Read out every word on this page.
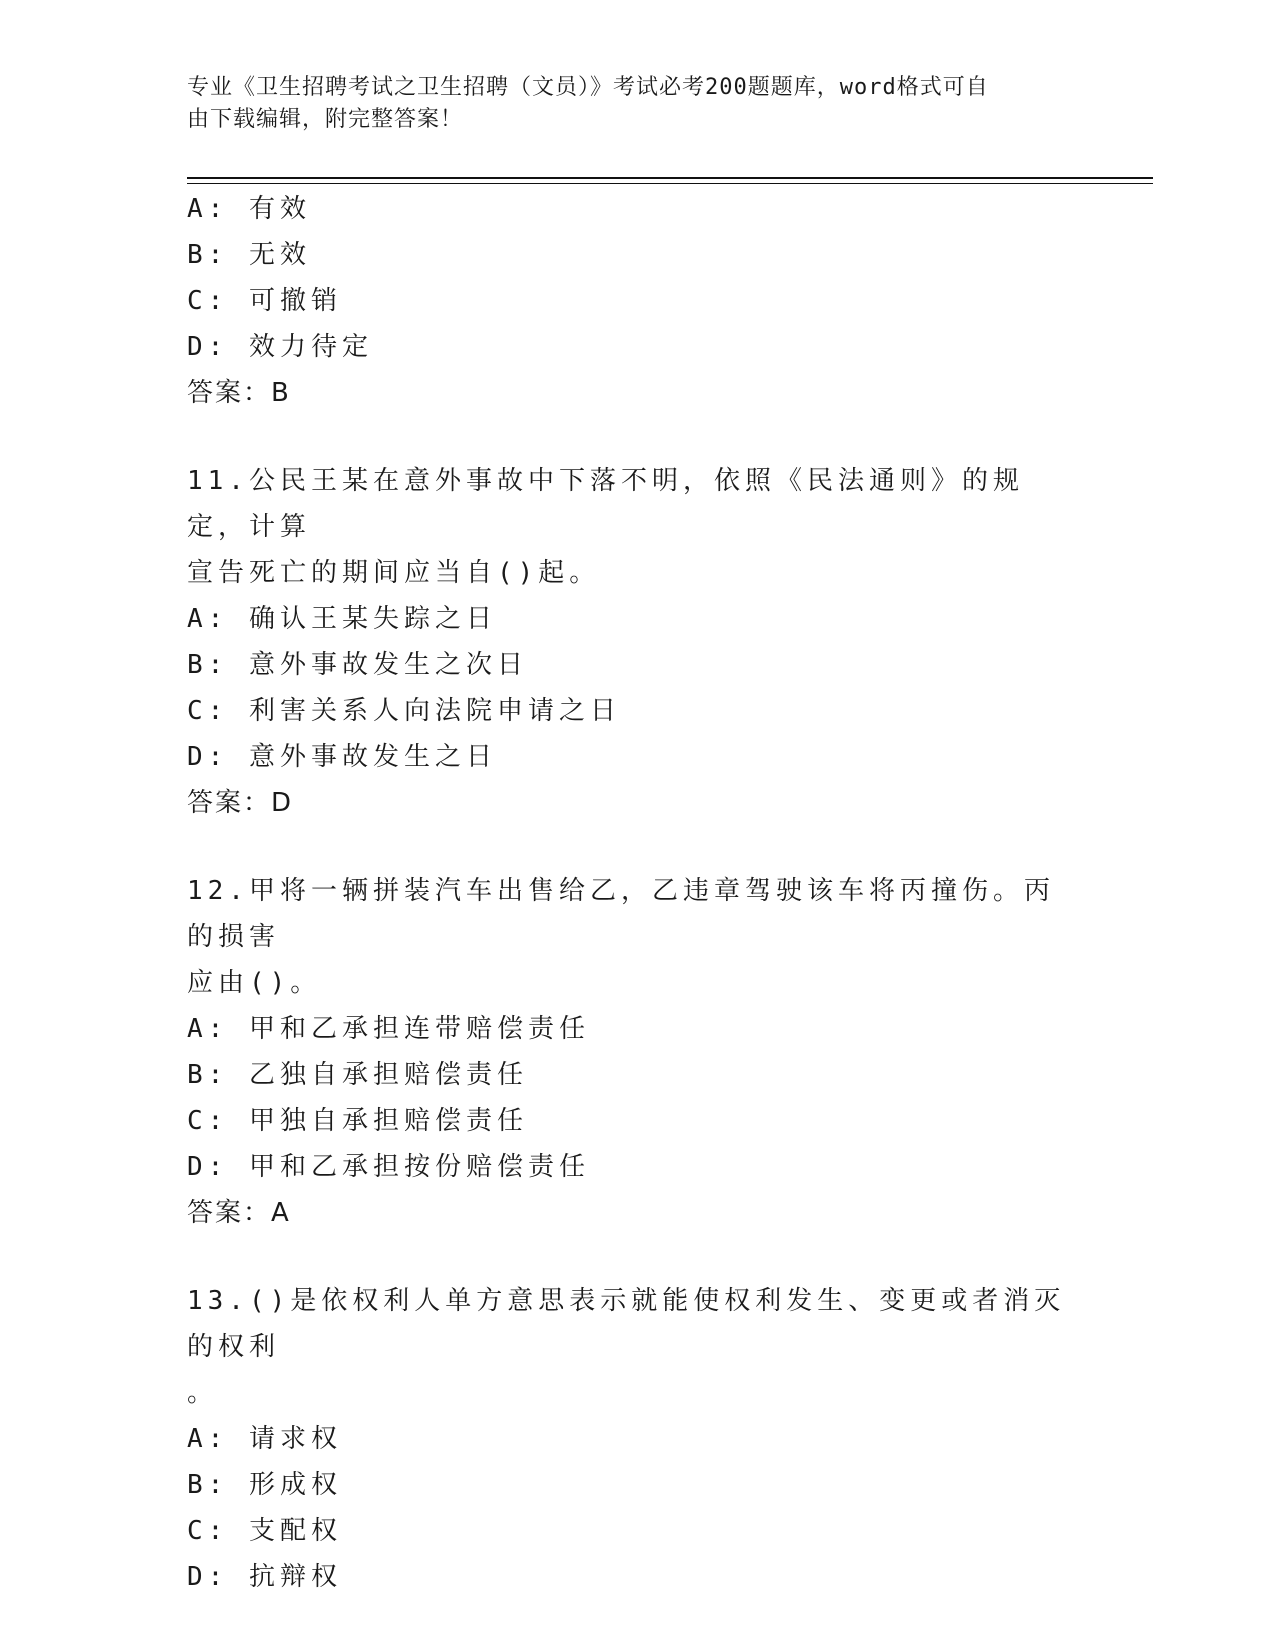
专业《卫生招聘考试之卫生招聘（文员）》考试必考200题题库，word格式可自
由下载编辑，附完整答案！
A: 有效
B: 无效
C: 可撤销
D: 效力待定
答案：B
11.公民王某在意外事故中下落不明，依照《民法通则》的规定，计算
宣告死亡的期间应当自()起。
A: 确认王某失踪之日
B: 意外事故发生之次日
C: 利害关系人向法院申请之日
D: 意外事故发生之日
答案：D
12.甲将一辆拼装汽车出售给乙，乙违章驾驶该车将丙撞伤。丙的损害
应由()。
A: 甲和乙承担连带赔偿责任
B: 乙独自承担赔偿责任
C: 甲独自承担赔偿责任
D: 甲和乙承担按份赔偿责任
答案：A
13.()是依权利人单方意思表示就能使权利发生、变更或者消灭的权利
。
A: 请求权
B: 形成权
C: 支配权
D: 抗辩权
